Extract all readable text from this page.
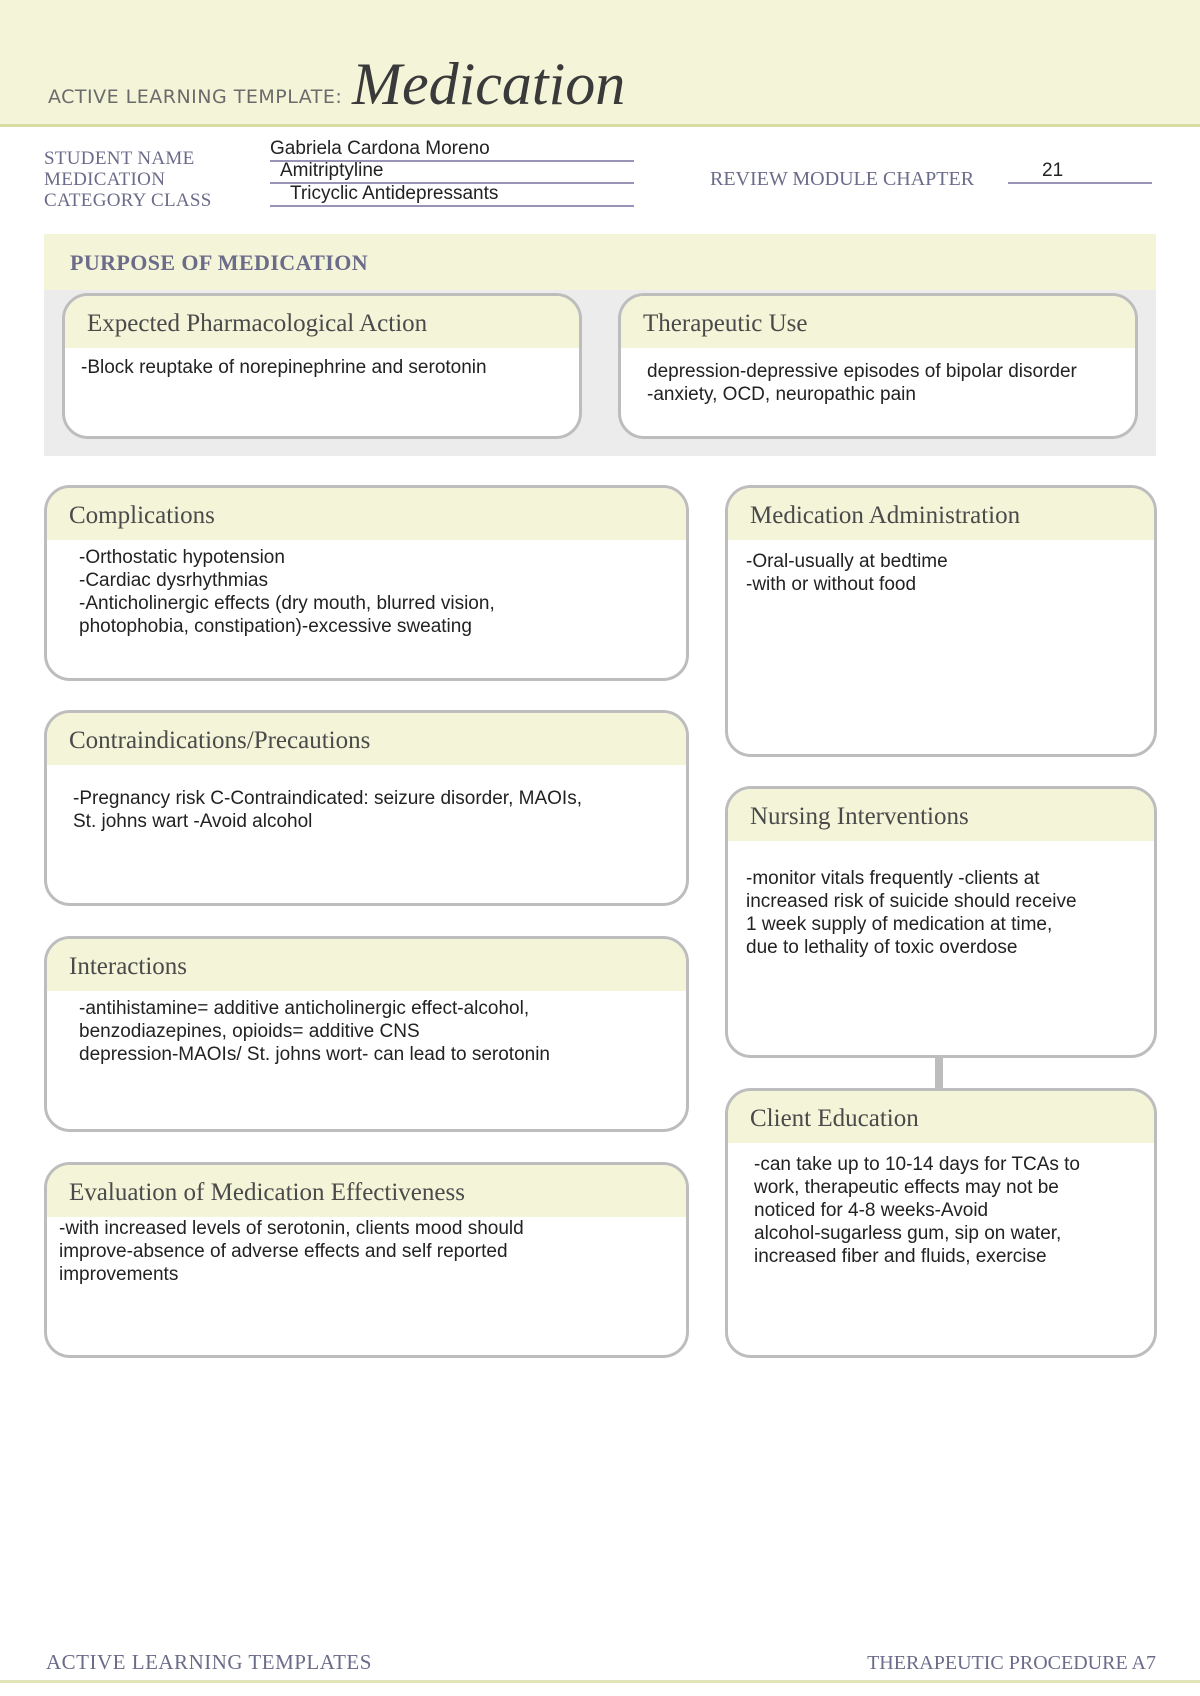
ACTIVE LEARNING TEMPLATE: Medication
STUDENT NAME	Gabriela Cardona Moreno
MEDICATION	Amitriptyline
CATEGORY CLASS	Tricyclic Antidepressants
REVIEW MODULE CHAPTER	21
PURPOSE OF MEDICATION
Expected Pharmacological Action
-Block reuptake of norepinephrine and serotonin
Therapeutic Use
depression-depressive episodes of bipolar disorder
-anxiety, OCD, neuropathic pain
Complications
-Orthostatic hypotension
-Cardiac dysrhythmias
-Anticholinergic effects (dry mouth, blurred vision,
photophobia, constipation)-excessive sweating
Medication Administration
-Oral-usually at bedtime
-with or without food
Contraindications/Precautions
-Pregnancy risk C-Contraindicated: seizure disorder, MAOIs,
St. johns wart -Avoid alcohol	Nursing Interventions
-monitor vitals frequently -clients at
increased risk of suicide should receive
1 week supply of medication at time,
due to lethality of toxic overdose
Interactions
-antihistamine= additive anticholinergic effect-alcohol,
benzodiazepines, opioids= additive CNS
depression-MAOIs/ St. johns wort- can lead to serotonin
Client Education
-can take up to 10-14 days for TCAs to
work, therapeutic effects may not be
noticed for 4-8 weeks-Avoid
alcohol-sugarless gum, sip on water,
increased fiber and fluids, exercise
Evaluation of Medication Effectiveness
-with increased levels of serotonin, clients mood should
improve-absence of adverse effects and self reported
improvements
ACTIVE LEARNING TEMPLATES	THERAPEUTIC PROCEDURE A7
